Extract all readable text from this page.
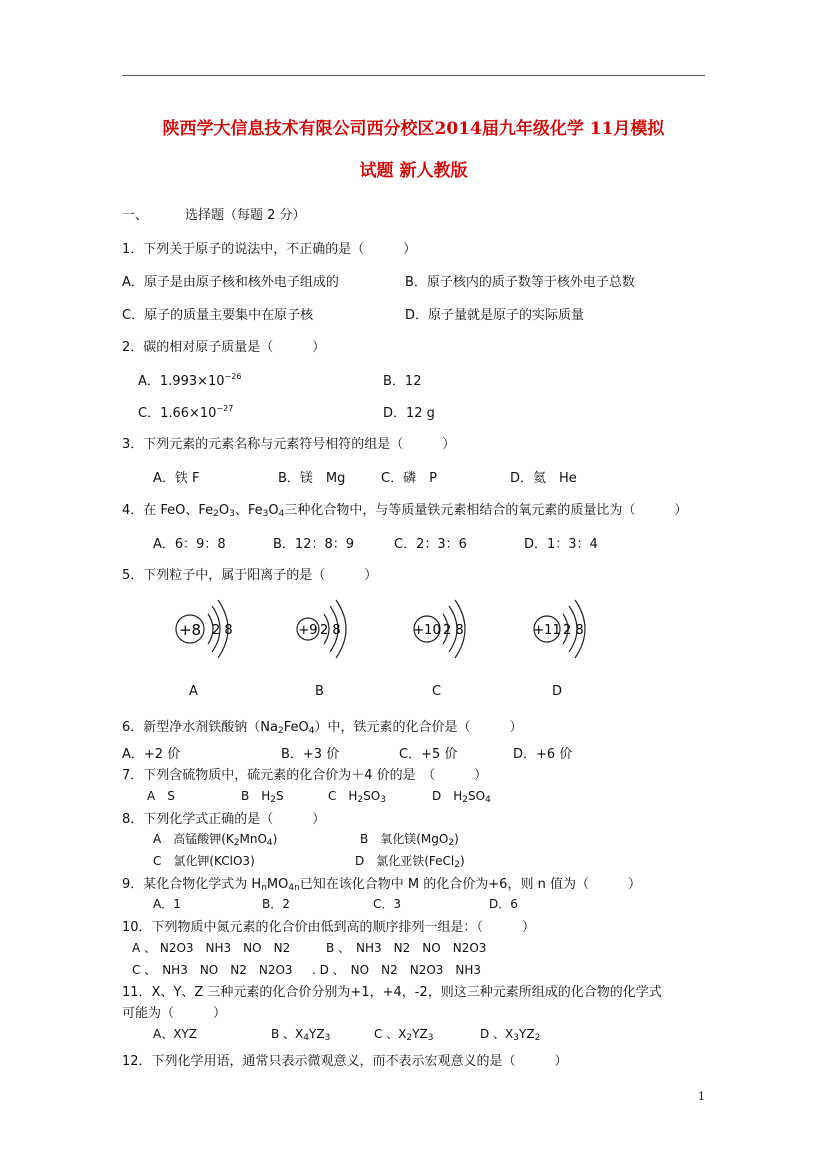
陕西学大信息技术有限公司西分校区2014届九年级化学 11月模拟
试题 新人教版
一、	选择题（每题 2 分）
1．下列关于原子的说法中，不正确的是（　　　）
A．原子是由原子核和核外电子组成的	B．原子核内的质子数等于核外电子总数
C．原子的质量主要集中在原子核	D．原子量就是原子的实际质量
2．碳的相对原子质量是（　　　）
A．$1.993\times 10^{-26}$	B．12
C．$1.66\times 10^{-27}$	D．12 g
3．下列元素的元素名称与元素符号相符的组是（　　　）
A．铁 F	B．镁　Mg	C．磷　P	D．氦　He
4．在 FeO、$Fe_2O_3$、$Fe_3O_4$三种化合物中，与等质量铁元素相结合的氧元素的质量比为（　　　）
A．6：9：8	B．12：8：9	C．2：3：6	D．1：3：4
5．下列粒子中，属于阳离子的是（　　　）
+8 2 8	+9 2 8	+10 2 8	+11 2 8
A	B	C	D
6．新型净水剂铁酸钠$(Na_2FeO_4)$中，铁元素的化合价是（　　　）
A．+2 价	B．+3 价	C．+5 价	D．+6 价
7．下列含硫物质中，硫元素的化合价为＋4 价的是　（　　　）
A　S	B　$H_2S$	C　$H_2SO_3$	D　$H_2SO_4$
8．下列化学式正确的是（　　　）
A　高锰酸钾$(K_2MnO_4)$	B　氧化镁(MgO$_2$)
C　氯化钾(KClO3)	D　氯化亚铁(FeCl$_2$)
9．某化合物化学式为 $H_nMO_{4n}$已知在该化合物中 M 的化合价为+6，则 n 值为（　　　）
A．1	B．2	C．3	D．6
10．下列物质中氮元素的化合价由低到高的顺序排列一组是：（　　　）
A 、 N2O3　NH3　NO　N2	B 、　NH3　N2　NO　N2O3
C 、　NH3　NO　N2　N2O3 . D 、　NO　N2　N2O3　NH3
11．X、Y、Z 三种元素的化合价分别为+1，+4，-2，则这三种元素所组成的化合物的化学式
可能为（　　　）
A、XYZ	B 、$X_4YZ_3$	C 、$X_2YZ_3$	D 、$X_3YZ_2$
12．下列化学用语，通常只表示微观意义，而不表示宏观意义的是（　　　）
1
